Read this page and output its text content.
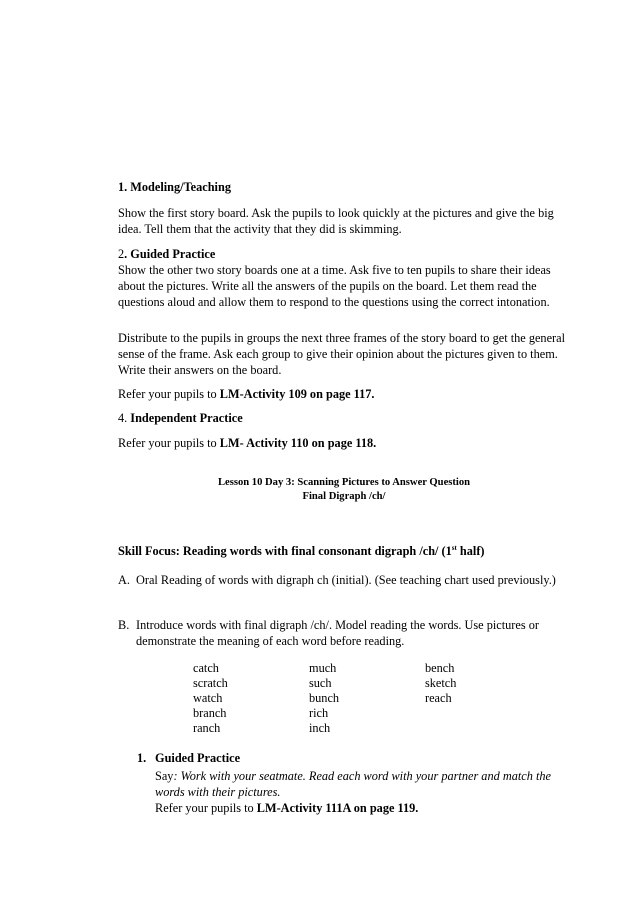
1. Modeling/Teaching
Show the first story board. Ask the pupils to look quickly at the pictures and give the big idea. Tell them that the activity that they did is skimming.
2. Guided Practice
Show the other two story boards one at a time. Ask five to ten pupils to share their ideas about the pictures. Write all the answers of the pupils on the board. Let them read the questions aloud and allow them to respond to the questions using the correct intonation.
Distribute to the pupils in groups the next three frames of the story board to get the general sense of the frame. Ask each group to give their opinion about the pictures given to them. Write their answers on the board.
Refer your pupils to LM-Activity 109 on page 117.
4. Independent Practice
Refer your pupils to LM- Activity 110 on page 118.
Lesson 10 Day 3: Scanning Pictures to Answer Question
Final Digraph /ch/
Skill Focus: Reading words with final consonant digraph /ch/ (1st half)
A. Oral Reading of words with digraph ch (initial). (See teaching chart used previously.)
B. Introduce words with final digraph /ch/. Model reading the words. Use pictures or demonstrate the meaning of each word before reading.
catch
scratch
watch
branch
ranch
much
such
bunch
rich
inch
bench
sketch
reach
1. Guided Practice
Say: Work with your seatmate. Read each word with your partner and match the words with their pictures.
Refer your pupils to LM-Activity 111A on page 119.
